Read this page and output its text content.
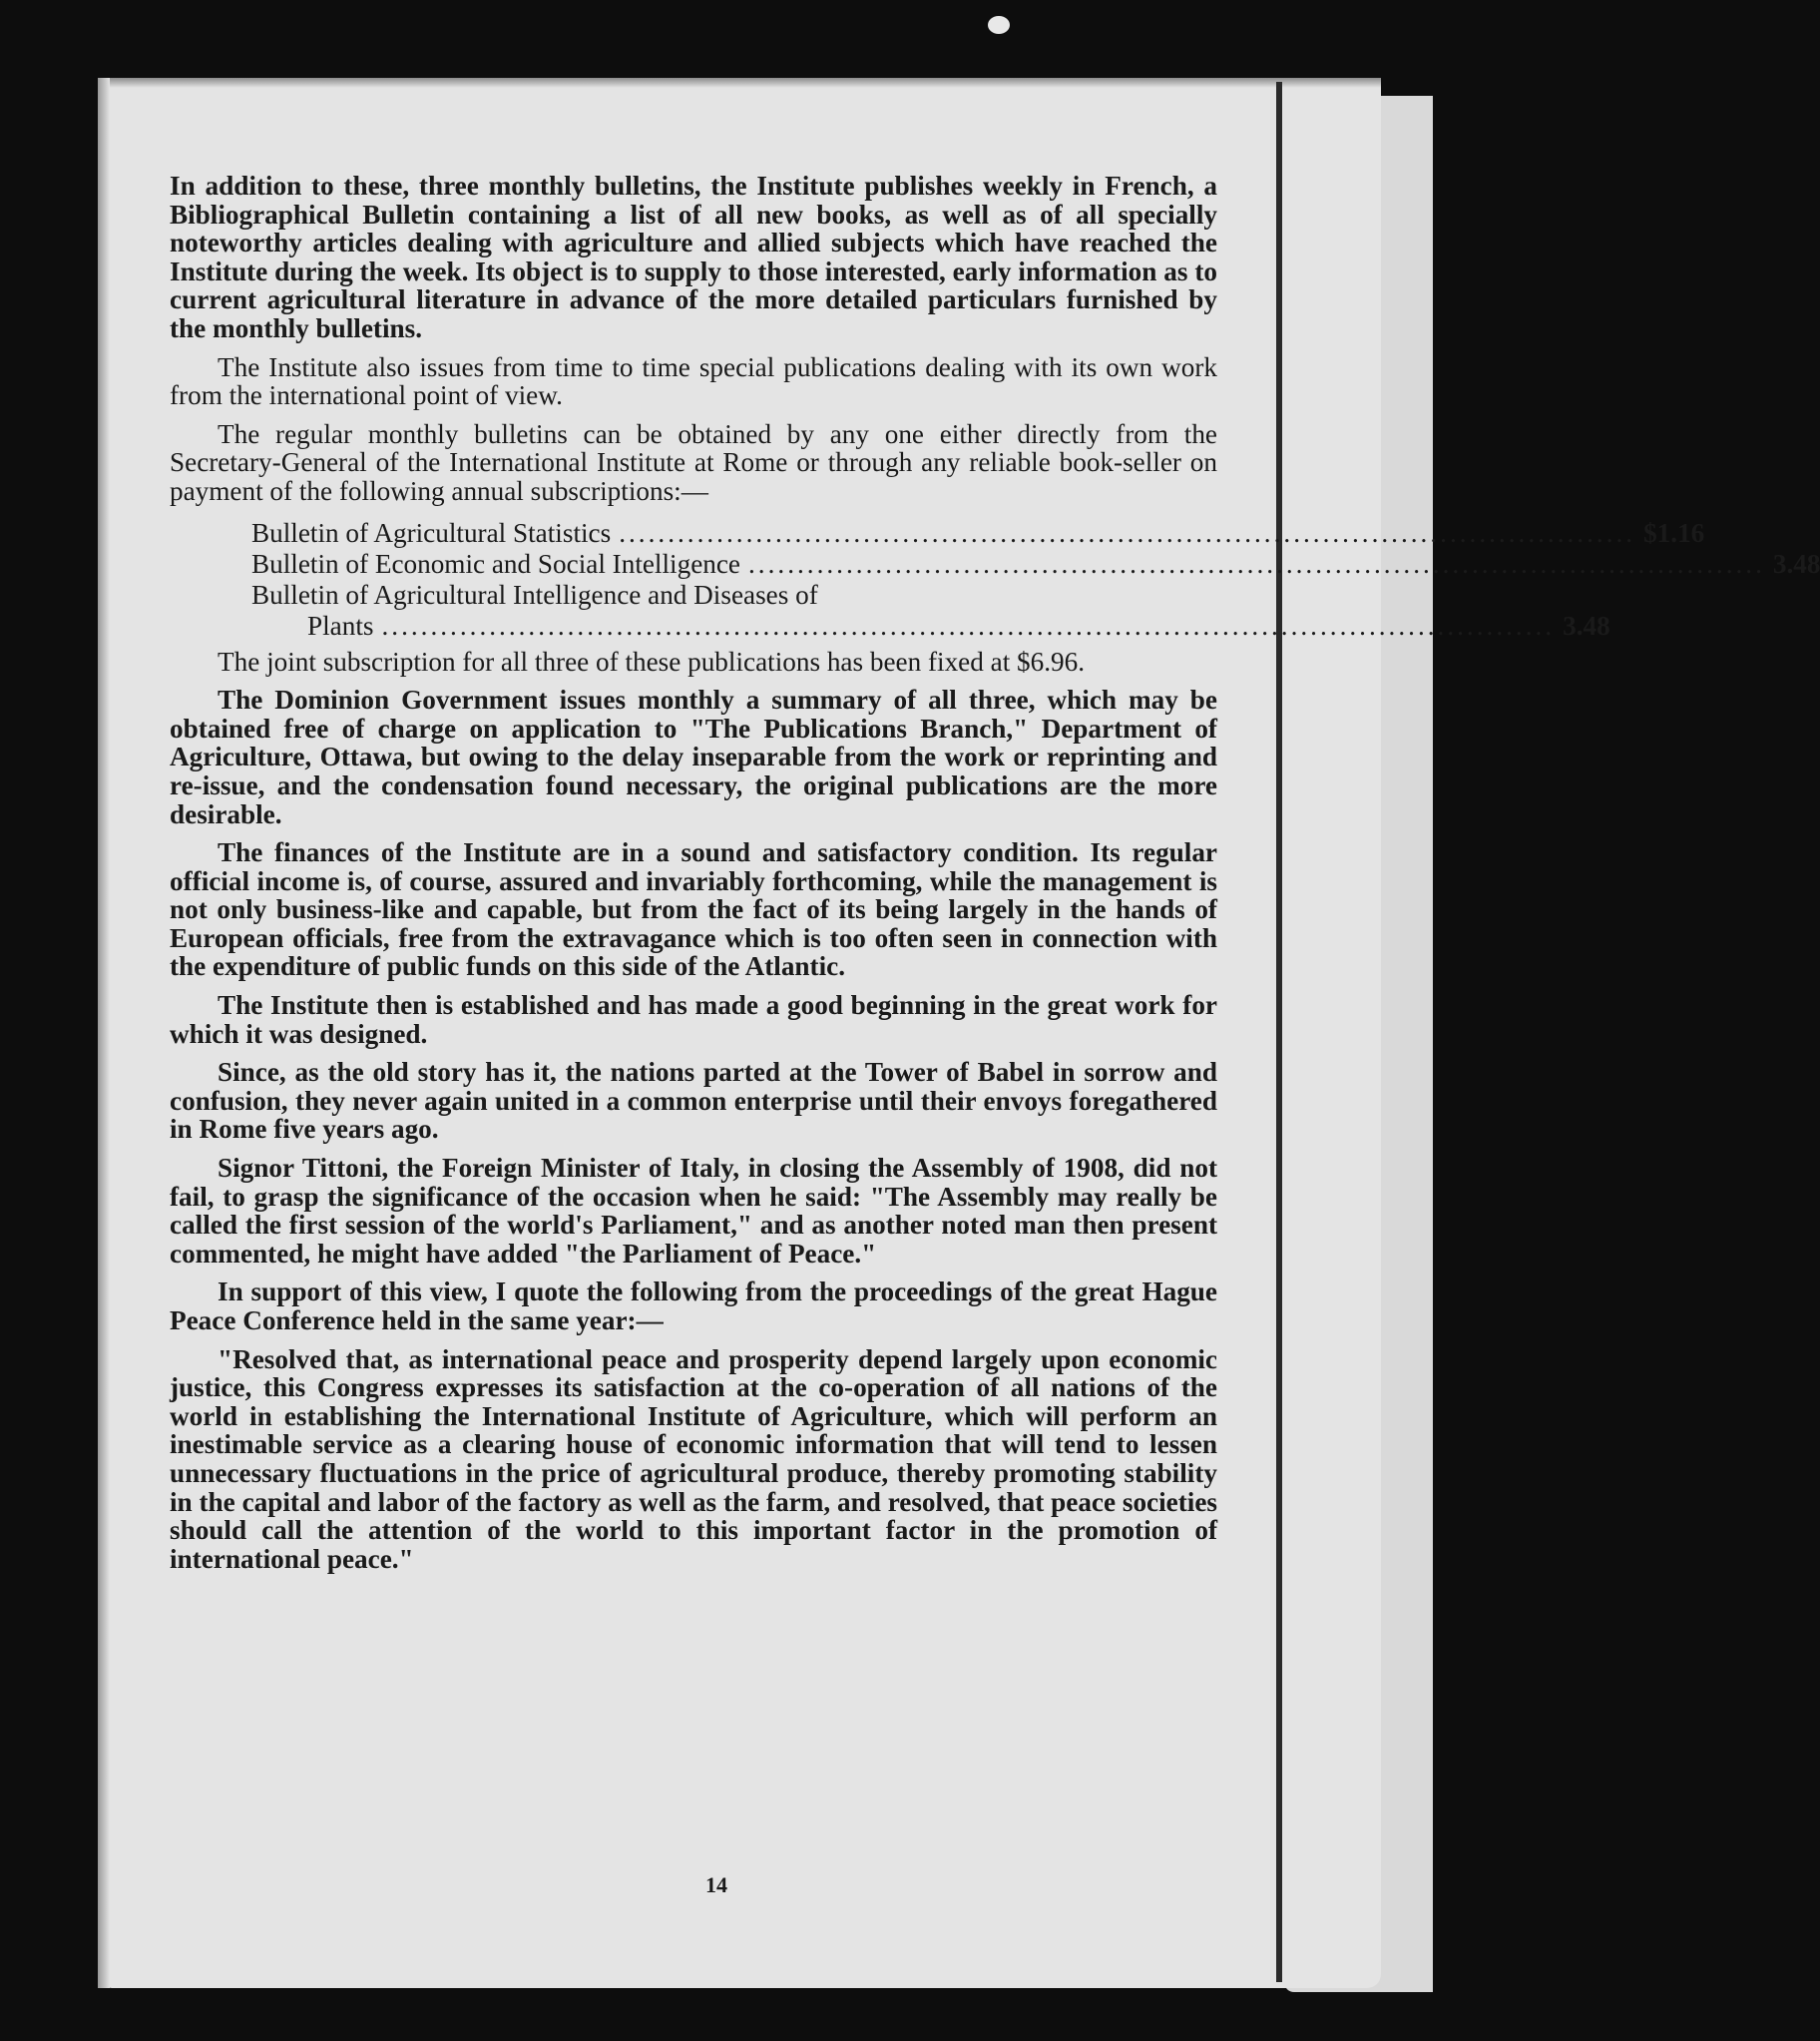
In addition to these, three monthly bulletins, the Institute publishes weekly in French, a Bibliographical Bulletin containing a list of all new books, as well as of all specially noteworthy articles dealing with agriculture and allied subjects which have reached the Institute during the week. Its object is to supply to those interested, early information as to current agricultural literature in advance of the more detailed particulars furnished by the monthly bulletins.

The Institute also issues from time to time special publications dealing with its own work from the international point of view.

The regular monthly bulletins can be obtained by any one either directly from the Secretary-General of the International Institute at Rome or through any reliable book-seller on payment of the following annual subscriptions:—

Bulletin of Agricultural Statistics ........................................................................................................ $1.16
Bulletin of Economic and Social Intelligence ........................................................................................................ 3.48
Bulletin of Agricultural Intelligence and Diseases of
Plants ........................................................................................................................ 3.48

The joint subscription for all three of these publications has been fixed at $6.96.

The Dominion Government issues monthly a summary of all three, which may be obtained free of charge on application to "The Publications Branch," Department of Agriculture, Ottawa, but owing to the delay inseparable from the work or reprinting and re-issue, and the condensation found necessary, the original publications are the more desirable.

The finances of the Institute are in a sound and satisfactory condition. Its regular official income is, of course, assured and invariably forthcoming, while the management is not only business-like and capable, but from the fact of its being largely in the hands of European officials, free from the extravagance which is too often seen in connection with the expenditure of public funds on this side of the Atlantic.

The Institute then is established and has made a good beginning in the great work for which it was designed.

Since, as the old story has it, the nations parted at the Tower of Babel in sorrow and confusion, they never again united in a common enterprise until their envoys foregathered in Rome five years ago.

Signor Tittoni, the Foreign Minister of Italy, in closing the Assembly of 1908, did not fail, to grasp the significance of the occasion when he said: "The Assembly may really be called the first session of the world's Parliament," and as another noted man then present commented, he might have added "the Parliament of Peace."

In support of this view, I quote the following from the proceedings of the great Hague Peace Conference held in the same year:—

"Resolved that, as international peace and prosperity depend largely upon economic justice, this Congress expresses its satisfaction at the co-operation of all nations of the world in establishing the International Institute of Agriculture, which will perform an inestimable service as a clearing house of economic information that will tend to lessen unnecessary fluctuations in the price of agricultural produce, thereby promoting stability in the capital and labor of the factory as well as the farm, and resolved, that peace societies should call the attention of the world to this important factor in the promotion of international peace."

14
